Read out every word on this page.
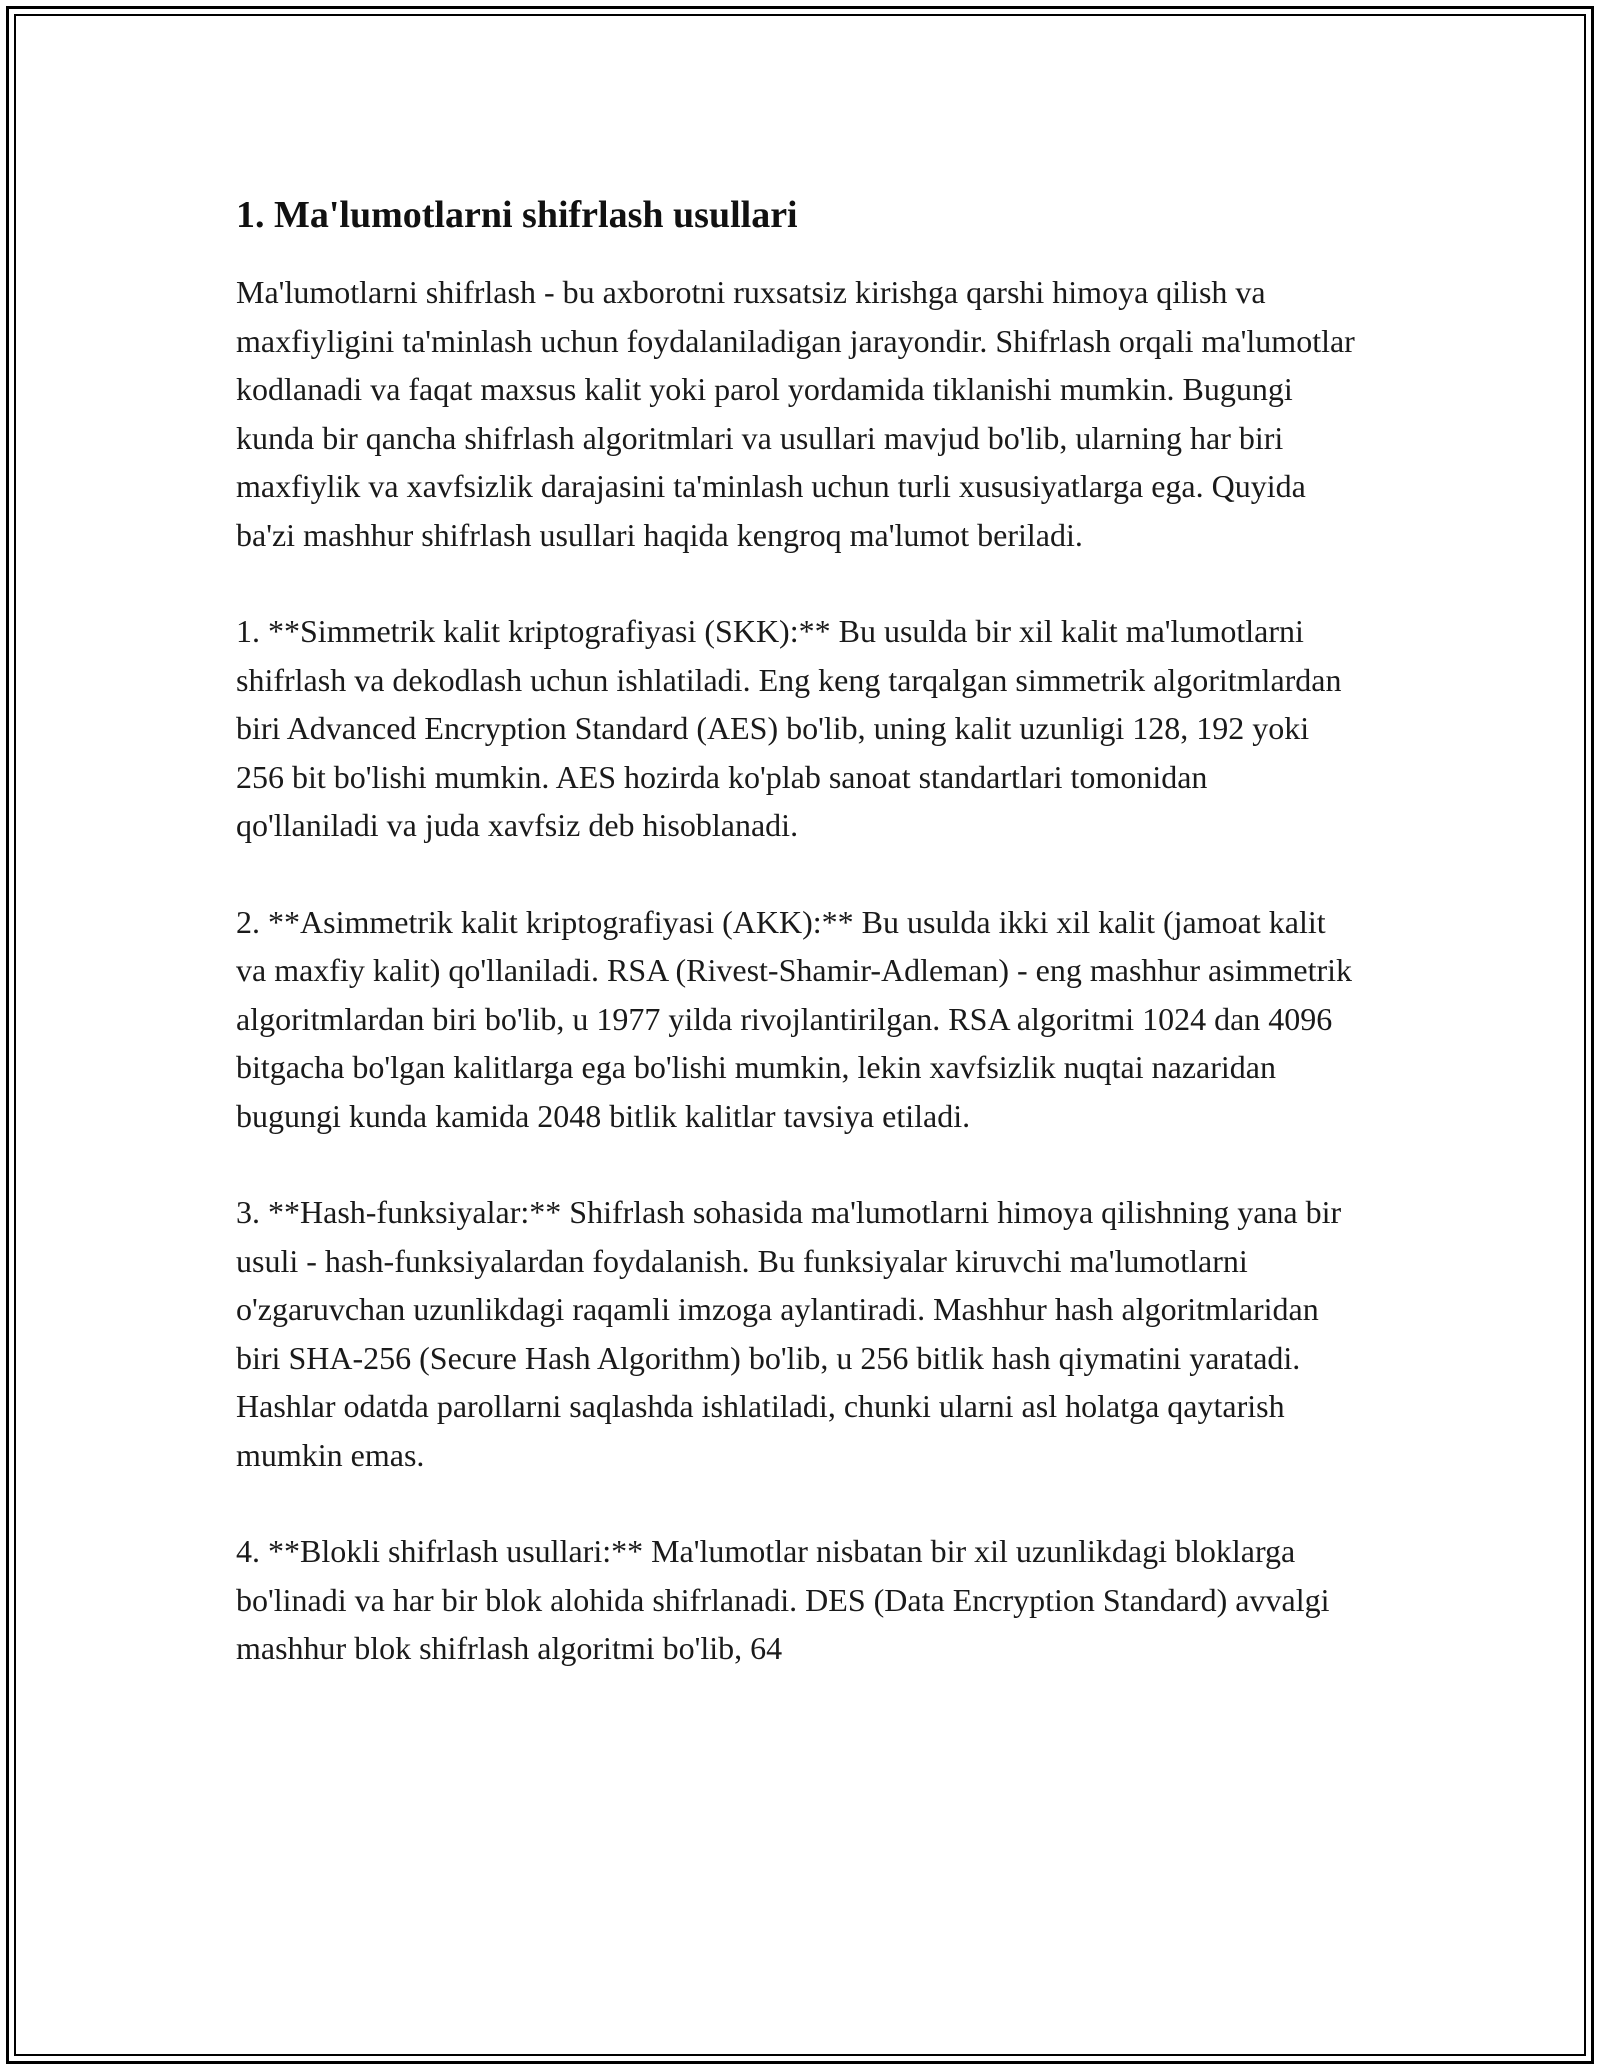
1. Ma'lumotlarni shifrlash usullari

Ma'lumotlarni shifrlash - bu axborotni ruxsatsiz kirishga qarshi himoya qilish va maxfiyligini ta'minlash uchun foydalaniladigan jarayondir. Shifrlash orqali ma'lumotlar kodlanadi va faqat maxsus kalit yoki parol yordamida tiklanishi mumkin. Bugungi kunda bir qancha shifrlash algoritmlari va usullari mavjud bo'lib, ularning har biri maxfiylik va xavfsizlik darajasini ta'minlash uchun turli xususiyatlarga ega. Quyida ba'zi mashhur shifrlash usullari haqida kengroq ma'lumot beriladi.

1. **Simmetrik kalit kriptografiyasi (SKK):** Bu usulda bir xil kalit ma'lumotlarni shifrlash va dekodlash uchun ishlatiladi. Eng keng tarqalgan simmetrik algoritmlardan biri Advanced Encryption Standard (AES) bo'lib, uning kalit uzunligi 128, 192 yoki 256 bit bo'lishi mumkin. AES hozirda ko'plab sanoat standartlari tomonidan qo'llaniladi va juda xavfsiz deb hisoblanadi.

2. **Asimmetrik kalit kriptografiyasi (AKK):** Bu usulda ikki xil kalit (jamoat kalit va maxfiy kalit) qo'llaniladi. RSA (Rivest-Shamir-Adleman) - eng mashhur asimmetrik algoritmlardan biri bo'lib, u 1977 yilda rivojlantirilgan. RSA algoritmi 1024 dan 4096 bitgacha bo'lgan kalitlarga ega bo'lishi mumkin, lekin xavfsizlik nuqtai nazaridan bugungi kunda kamida 2048 bitlik kalitlar tavsiya etiladi.

3. **Hash-funksiyalar:** Shifrlash sohasida ma'lumotlarni himoya qilishning yana bir usuli - hash-funksiyalardan foydalanish. Bu funksiyalar kiruvchi ma'lumotlarni o'zgaruvchan uzunlikdagi raqamli imzoga aylantiradi. Mashhur hash algoritmlaridan biri SHA-256 (Secure Hash Algorithm) bo'lib, u 256 bitlik hash qiymatini yaratadi. Hashlar odatda parollarni saqlashda ishlatiladi, chunki ularni asl holatga qaytarish mumkin emas.

4. **Blokli shifrlash usullari:** Ma'lumotlar nisbatan bir xil uzunlikdagi bloklarga bo'linadi va har bir blok alohida shifrlanadi. DES (Data Encryption Standard) avvalgi mashhur blok shifrlash algoritmi bo'lib, 64
